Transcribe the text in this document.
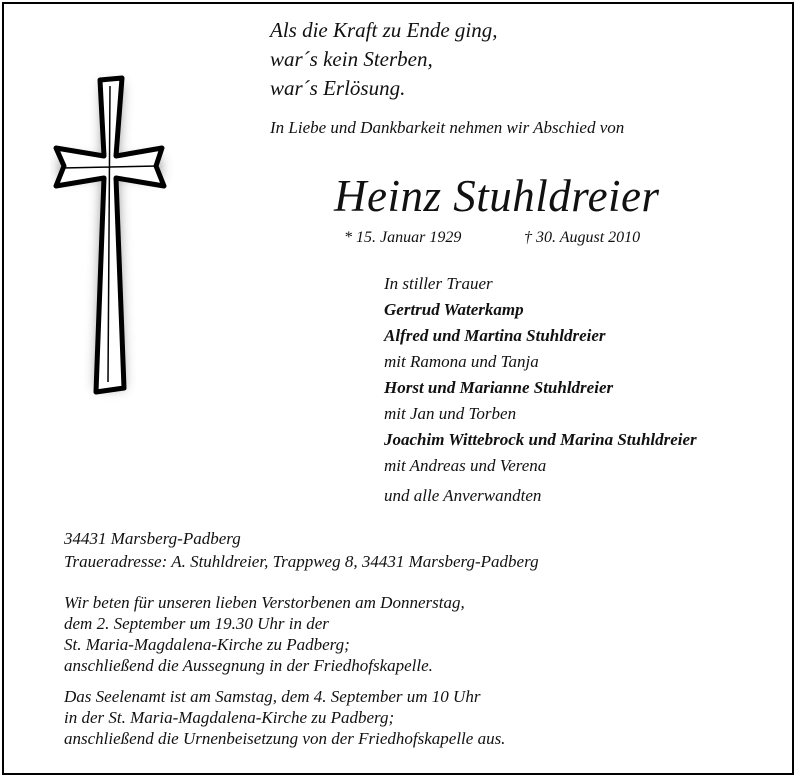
Als die Kraft zu Ende ging,
war´s kein Sterben,
war´s Erlösung.
In Liebe und Dankbarkeit nehmen wir Abschied von
Heinz Stuhldreier
* 15. Januar 1929	† 30. August 2010
In stiller Trauer
Gertrud Waterkamp
Alfred und Martina Stuhldreier
mit Ramona und Tanja
Horst und Marianne Stuhldreier
mit Jan und Torben
Joachim Wittebrock und Marina Stuhldreier
mit Andreas und Verena
und alle Anverwandten
34431 Marsberg-Padberg
Traueradresse: A. Stuhldreier, Trappweg 8, 34431 Marsberg-Padberg
Wir beten für unseren lieben Verstorbenen am Donnerstag,
dem 2. September um 19.30 Uhr in der
St. Maria-Magdalena-Kirche zu Padberg;
anschließend die Aussegnung in der Friedhofskapelle.
Das Seelenamt ist am Samstag, dem 4. September um 10 Uhr
in der St. Maria-Magdalena-Kirche zu Padberg;
anschließend die Urnenbeisetzung von der Friedhofskapelle aus.
